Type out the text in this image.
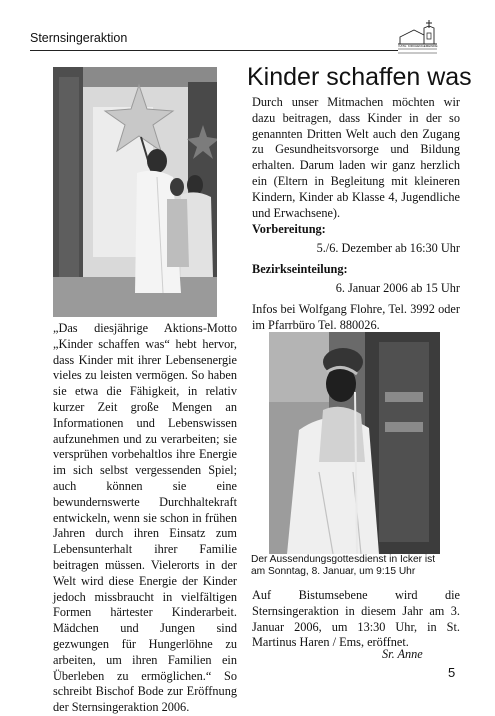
Sternsingeraktion
KATH. KIRCHENGEMEINDE
Kinder schaffen was

Durch unser Mitmachen möchten wir dazu beitragen, dass Kinder in der so genannten Dritten Welt auch den Zugang zu Gesundheitsvorsorge und Bildung erhalten. Darum laden wir ganz herzlich ein (Eltern in Begleitung mit kleineren Kindern, Kinder ab Klasse 4, Jugendliche und Erwachsene).

Vorbereitung:
5./6. Dezember ab 16:30 Uhr
Bezirkseinteilung:
6. Januar 2006 ab 15 Uhr

Infos bei Wolfgang Flohre, Tel. 3992 oder im Pfarrbüro Tel. 880026.

Der Aussendungsgottesdienst in Icker ist am Sonntag, 8. Januar, um 9:15 Uhr

„Das diesjährige Aktions-Motto „Kinder schaffen was“ hebt hervor, dass Kinder mit ihrer Lebensenergie vieles zu leisten vermögen. So haben sie etwa die Fähigkeit, in relativ kurzer Zeit große Mengen an Informationen und Lebenswissen aufzunehmen und zu verarbeiten; sie versprühen vorbehaltlos ihre Energie im sich selbst vergessenden Spiel; auch können sie eine bewundernswerte Durchhaltekraft entwickeln, wenn sie schon in frühen Jahren durch ihren Einsatz zum Lebensunterhalt ihrer Familie beitragen müssen. Vielerorts in der Welt wird diese Energie der Kinder jedoch missbraucht in vielfältigen Formen härtester Kinderarbeit. Mädchen und Jungen sind gezwungen für Hungerlöhne zu arbeiten, um ihren Familien ein Überleben zu ermöglichen.“ So schreibt Bischof Bode zur Eröffnung der Sternsingeraktion 2006.

Auf Bistumsebene wird die Sternsingeraktion in diesem Jahr am 3. Januar 2006, um 13:30 Uhr, in St. Martinus Haren / Ems, eröffnet.

Sr. Anne
5
